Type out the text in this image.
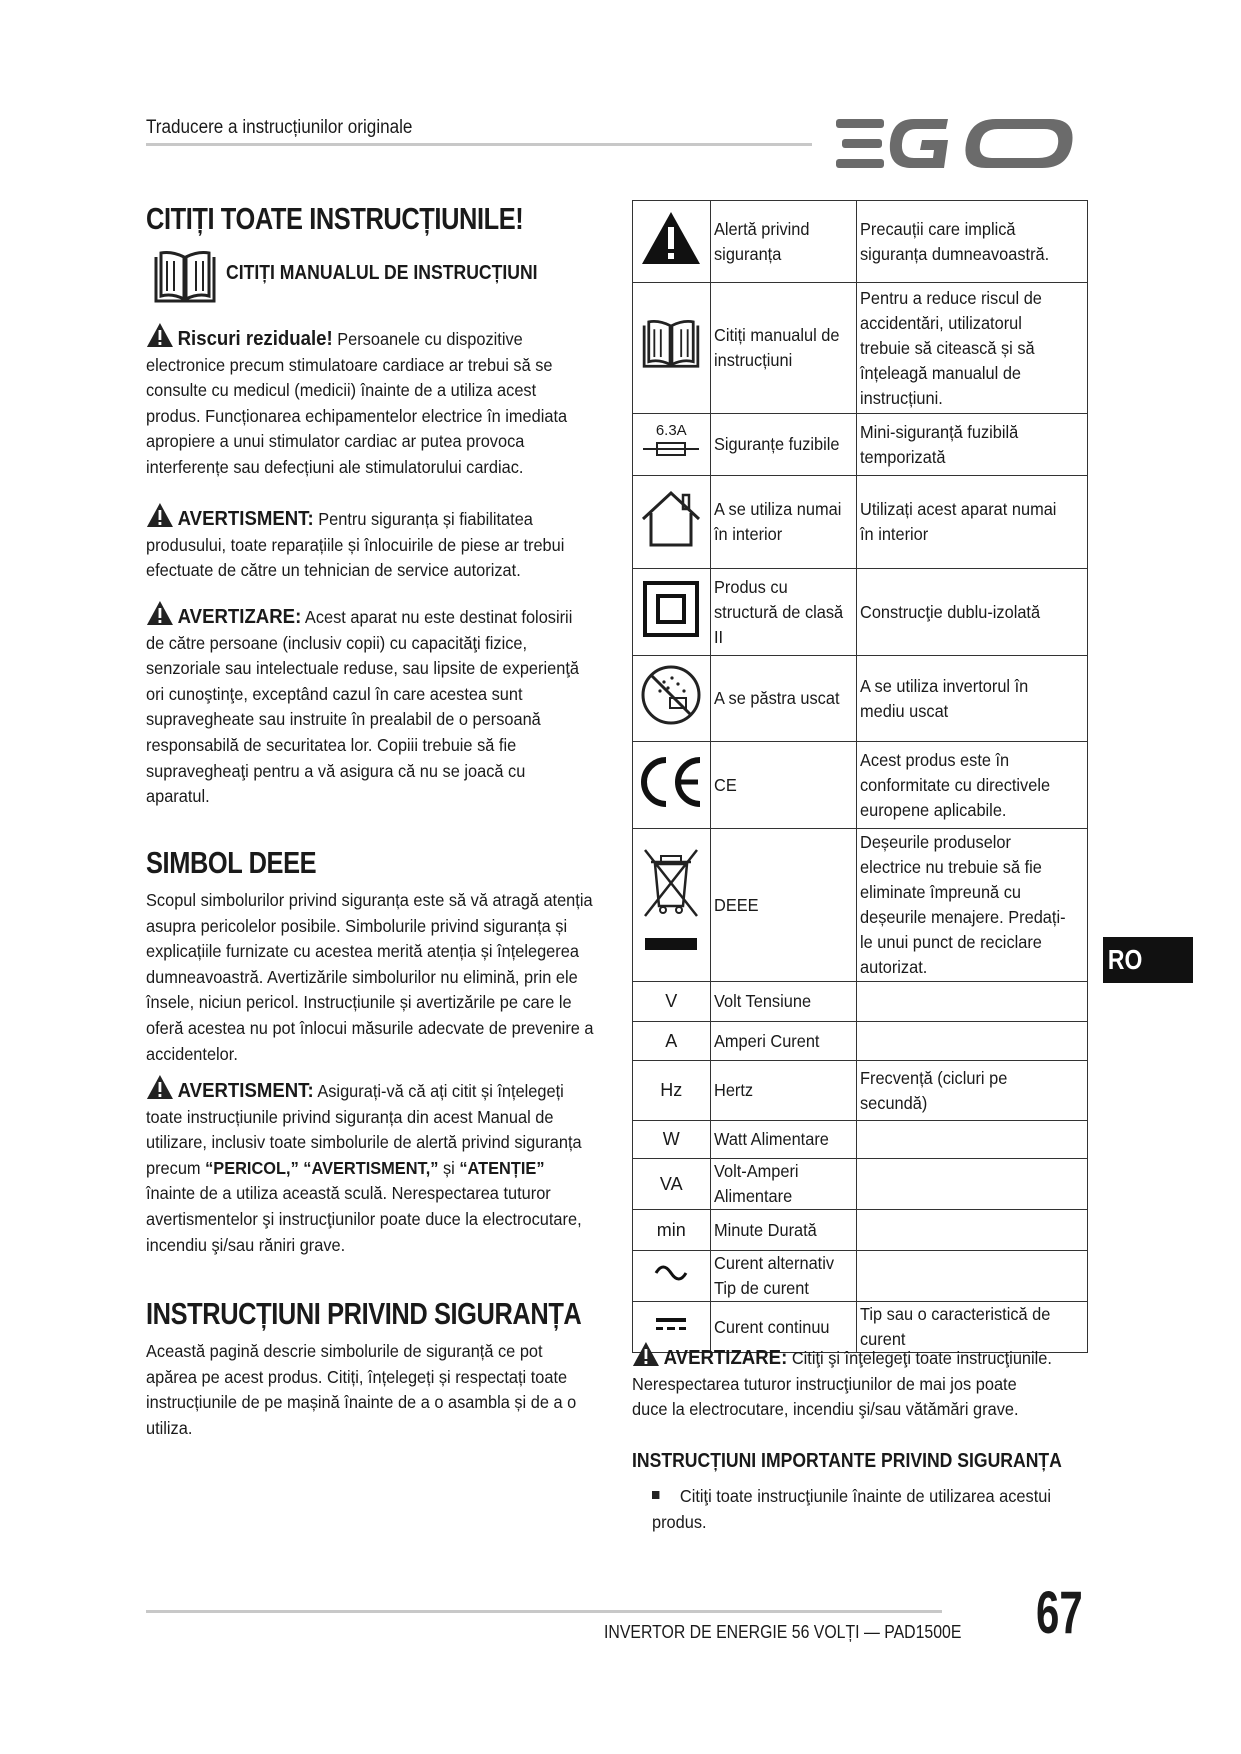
Traducere a instrucțiunilor originale
EGO
CITIȚI TOATE INSTRUCȚIUNILE!
CITIȚI MANUALUL DE INSTRUCȚIUNI
Riscuri reziduale! Persoanele cu dispozitive electronice precum stimulatoare cardiace ar trebui să se consulte cu medicul (medicii) înainte de a utiliza acest produs. Funcționarea echipamentelor electrice în imediata apropiere a unui stimulator cardiac ar putea provoca interferențe sau defecțiuni ale stimulatorului cardiac.
AVERTISMENT: Pentru siguranța și fiabilitatea produsului, toate reparațiile și înlocuirile de piese ar trebui efectuate de către un tehnician de service autorizat.
AVERTIZARE: Acest aparat nu este destinat folosirii de către persoane (inclusiv copii) cu capacităţi fizice, senzoriale sau intelectuale reduse, sau lipsite de experienţă ori cunoştinţe, exceptând cazul în care acestea sunt supravegheate sau instruite în prealabil de o persoană responsabilă de securitatea lor. Copiii trebuie să fie supravegheaţi pentru a vă asigura că nu se joacă cu aparatul.
SIMBOL DEEE
Scopul simbolurilor privind siguranța este să vă atragă atenția asupra pericolelor posibile. Simbolurile privind siguranța și explicațiile furnizate cu acestea merită atenția și înțelegerea dumneavoastră. Avertizările simbolurilor nu elimină, prin ele însele, niciun pericol. Instrucțiunile și avertizările pe care le oferă acestea nu pot înlocui măsurile adecvate de prevenire a accidentelor.
AVERTISMENT: Asigurați-vă că ați citit și înțelegeți toate instrucțiunile privind siguranța din acest Manual de utilizare, inclusiv toate simbolurile de alertă privind siguranța precum “PERICOL,” “AVERTISMENT,” și “ATENȚIE” înainte de a utiliza această sculă. Nerespectarea tuturor avertismentelor şi instrucţiunilor poate duce la electrocutare, incendiu şi/sau răniri grave.
INSTRUCȚIUNI PRIVIND SIGURANȚA
Această pagină descrie simbolurile de siguranță ce pot apărea pe acest produs. Citiți, înțelegeți și respectați toate instrucțiunile de pe mașină înainte de a o asambla și de a o utiliza.

Alertă privind siguranța	Precauții care implică siguranța dumneavoastră.

Citiți manualul de instrucțiuni	Pentru a reduce riscul de accidentări, utilizatorul trebuie să citească și să înțeleagă manualul de instrucțiuni.

6.3A	Siguranțe fuzibile	Mini-siguranță fuzibilă temporizată

A se utiliza numai în interior	Utilizați acest aparat numai în interior

Produs cu structură de clasă II	Construcţie dublu-izolată

A se păstra uscat	A se utiliza invertorul în mediu uscat

CE	Acest produs este în conformitate cu directivele europene aplicabile.

DEEE	Deșeurile produselor electrice nu trebuie să fie eliminate împreună cu deșeurile menajere. Predați-le unui punct de reciclare autorizat.

V	Volt Tensiune	

A	Amperi Curent	

Hz	Hertz	Frecvență (cicluri pe secundă)

W	Watt Alimentare	

VA	Volt-Amperi Alimentare	

min	Minute Durată	

Curent alternativ Tip de curent	

Curent continuu	Tip sau o caracteristică de curent
AVERTIZARE: Citiţi şi înţelegeţi toate instrucţiunile. Nerespectarea tuturor instrucţiunilor de mai jos poate duce la electrocutare, incendiu şi/sau vătămări grave.
INSTRUCȚIUNI IMPORTANTE PRIVIND SIGURANȚA
Citiţi toate instrucţiunile înainte de utilizarea acestui produs.
RO
INVERTOR DE ENERGIE 56 VOLȚI — PAD1500E 67
